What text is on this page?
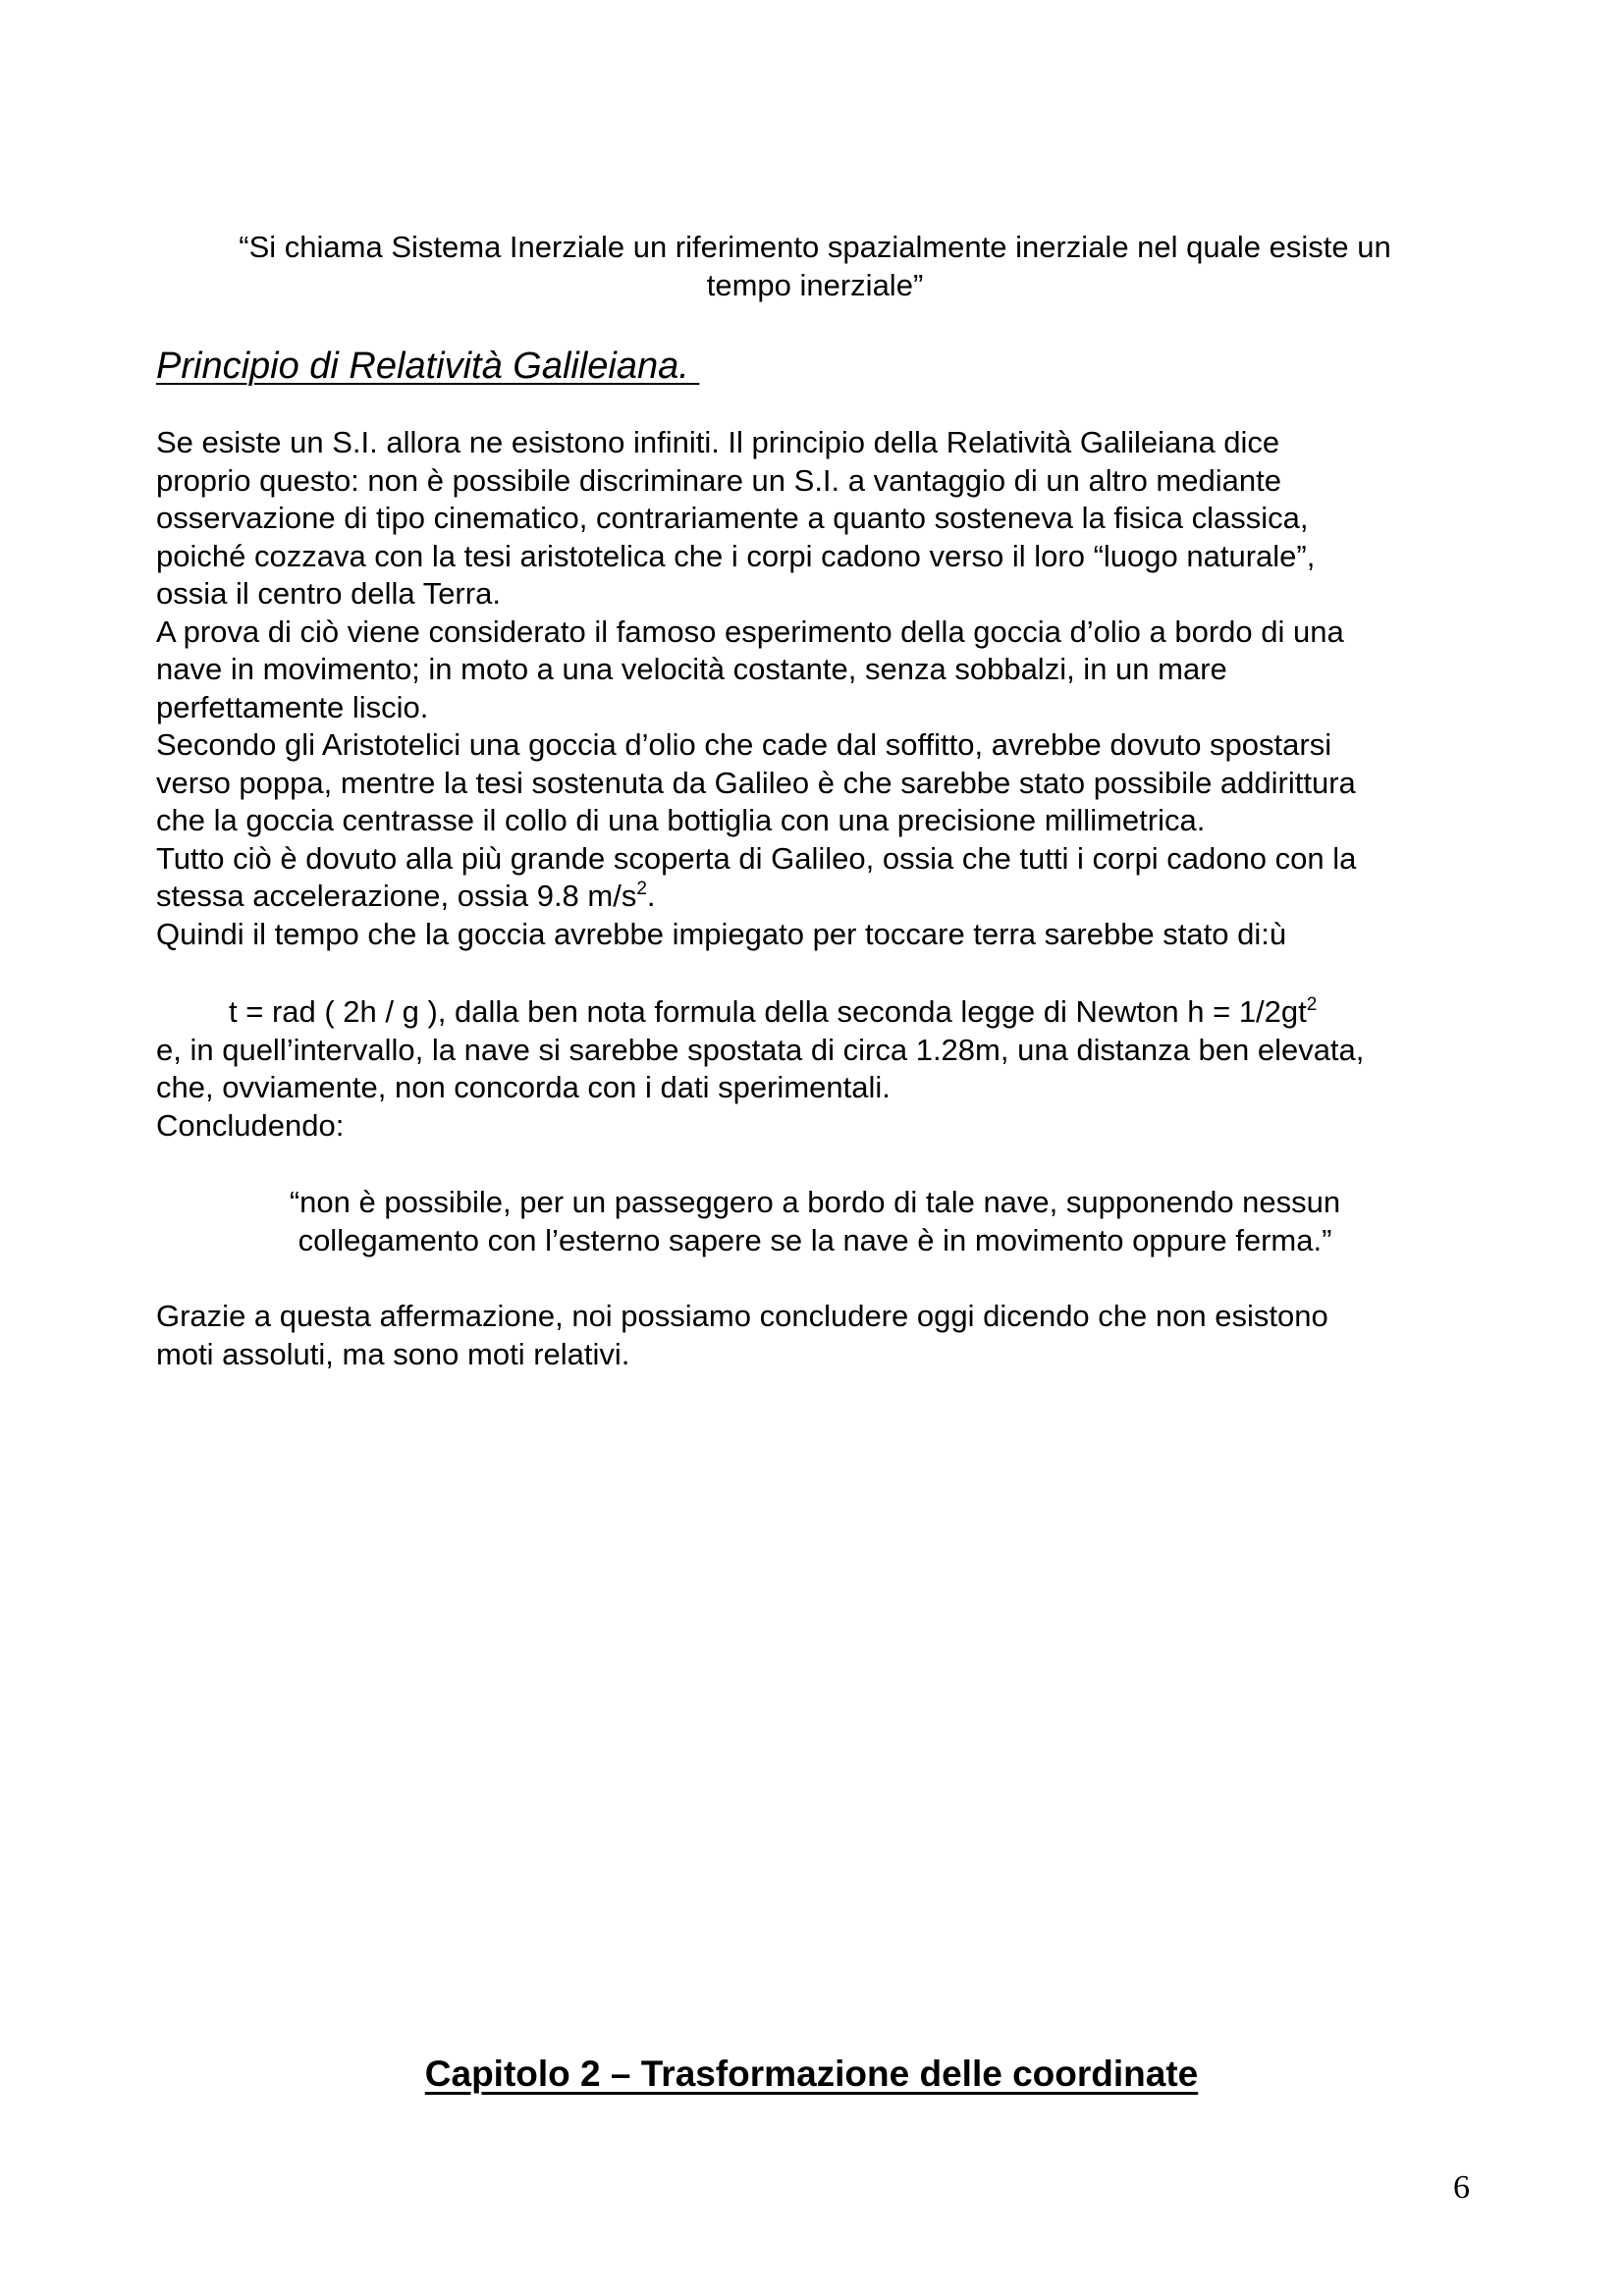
“Si chiama Sistema Inerziale un riferimento spazialmente inerziale nel quale esiste un
tempo inerziale”
Principio di Relatività Galileiana.

Se esiste un S.I. allora ne esistono infiniti. Il principio della Relatività Galileiana dice

proprio questo: non è possibile discriminare un S.I. a vantaggio di un altro mediante

osservazione di tipo cinematico, contrariamente a quanto sosteneva la fisica classica,

poiché cozzava con la tesi aristotelica che i corpi cadono verso il loro “luogo naturale”,

ossia il centro della Terra.

A prova di ciò viene considerato il famoso esperimento della goccia d’olio a bordo di una

nave in movimento; in moto a una velocità costante, senza sobbalzi, in un mare

perfettamente liscio.

Secondo gli Aristotelici una goccia d’olio che cade dal soffitto, avrebbe dovuto spostarsi

verso poppa, mentre la tesi sostenuta da Galileo è che sarebbe stato possibile addirittura

che la goccia centrasse il collo di una bottiglia con una precisione millimetrica.

Tutto ciò è dovuto alla più grande scoperta di Galileo, ossia che tutti i corpi cadono con la

stessa accelerazione, ossia 9.8 $m/s^2$.

Quindi il tempo che la goccia avrebbe impiegato per toccare terra sarebbe stato di:ù

t = rad ( 2h / g ), dalla ben nota formula della seconda legge di Newton $h = 1/2gt^2$

e, in quell’intervallo, la nave si sarebbe spostata di circa 1.28m, una distanza ben elevata,

che, ovviamente, non concorda con i dati sperimentali.

Concludendo:

“non è possibile, per un passeggero a bordo di tale nave, supponendo nessun
collegamento con l’esterno sapere se la nave è in movimento oppure ferma.”

Grazie a questa affermazione, noi possiamo concludere oggi dicendo che non esistono

moti assoluti, ma sono moti relativi.

Capitolo 2 – Trasformazione delle coordinate
6
